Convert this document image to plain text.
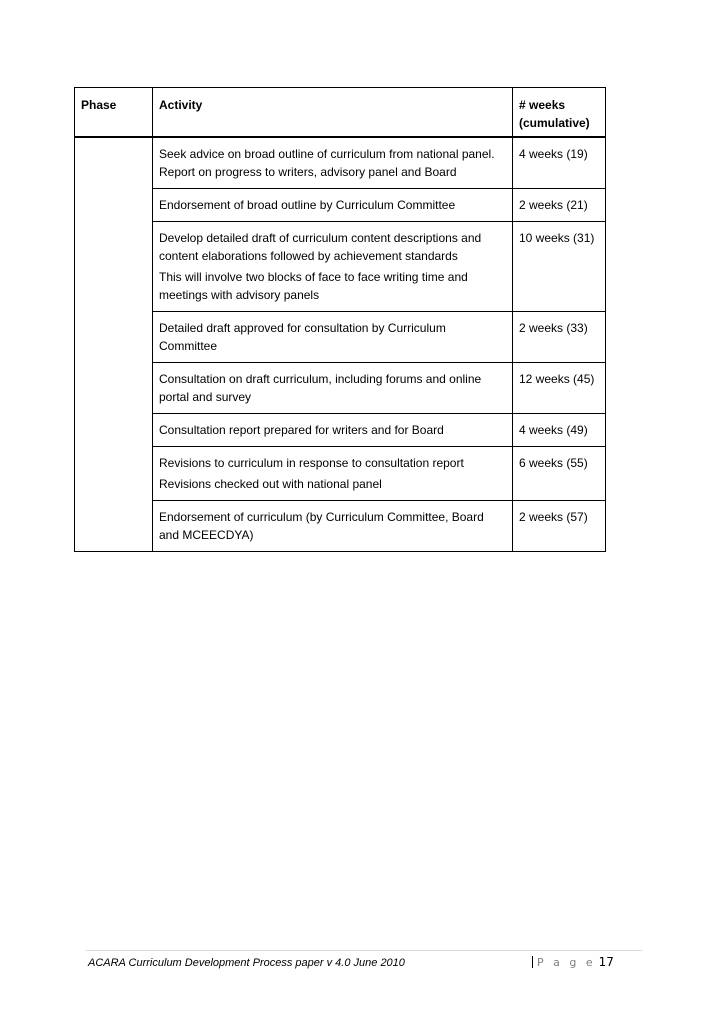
Phase	Activity	# weeks
(cumulative)

	Seek advice on broad outline of curriculum from national panel.
Report on progress to writers, advisory panel and Board	4 weeks (19)

	Endorsement of broad outline by Curriculum Committee	2 weeks (21)

	Develop detailed draft of curriculum content descriptions and content elaborations followed by achievement standards
This will involve two blocks of face to face writing time and meetings with advisory panels	10 weeks (31)

	Detailed draft approved for consultation by Curriculum Committee	2 weeks (33)

	Consultation on draft curriculum, including forums and online portal and survey	12 weeks (45)

	Consultation report prepared for writers and for Board	4 weeks (49)

	Revisions to curriculum in response to consultation report
Revisions checked out with national panel	6 weeks (55)

	Endorsement of curriculum (by Curriculum Committee, Board and MCEECDYA)	2 weeks (57)
ACARA Curriculum Development Process paper v 4.0 June 2010	P a g e 17
